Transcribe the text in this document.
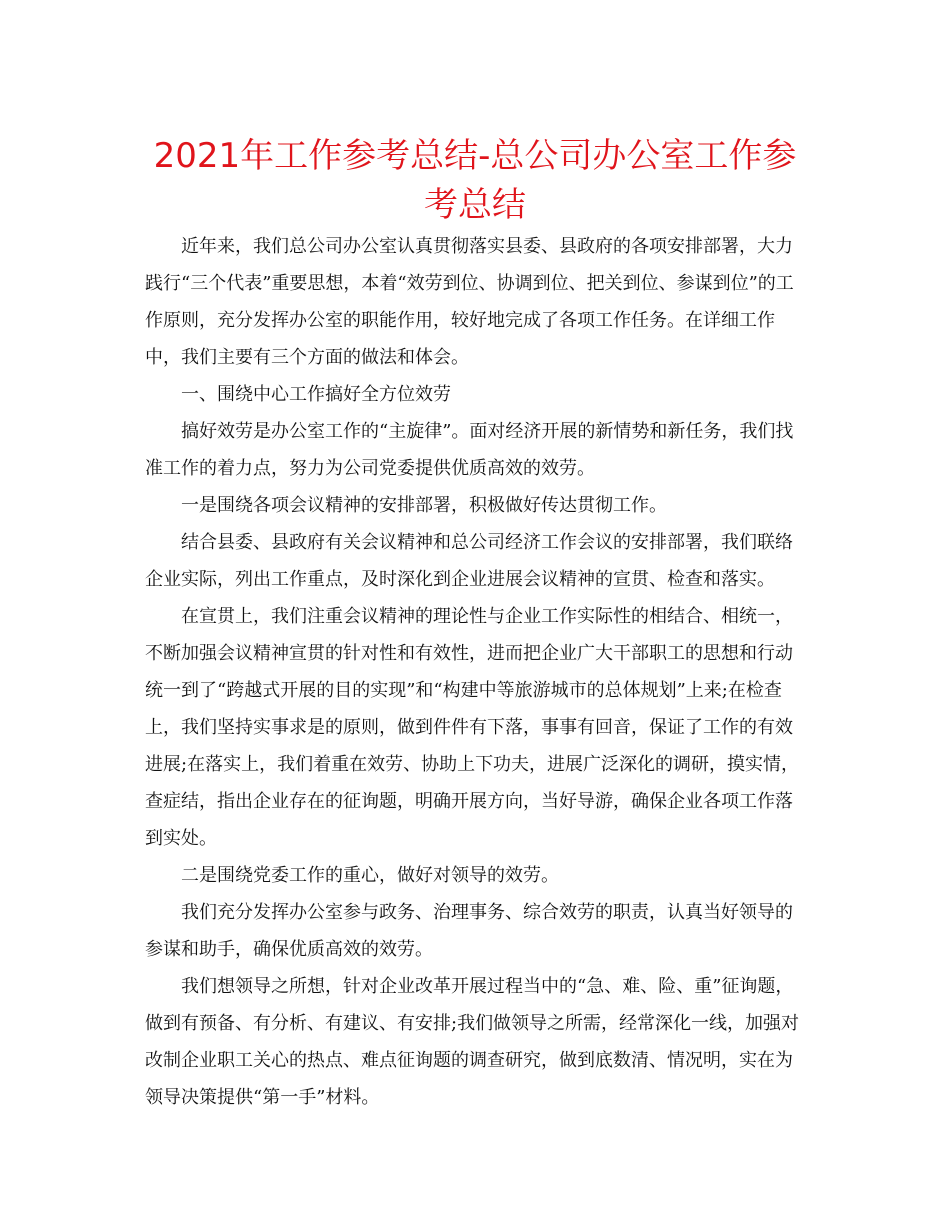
2021年工作参考总结-总公司办公室工作参考总结

近年来，我们总公司办公室认真贯彻落实县委、县政府的各项安排部署，大力践行“三个代表”重要思想，本着“效劳到位、协调到位、把关到位、参谋到位”的工作原则，充分发挥办公室的职能作用，较好地完成了各项工作任务。在详细工作中，我们主要有三个方面的做法和体会。

一、围绕中心工作搞好全方位效劳

搞好效劳是办公室工作的“主旋律”。面对经济开展的新情势和新任务，我们找准工作的着力点，努力为公司党委提供优质高效的效劳。

一是围绕各项会议精神的安排部署，积极做好传达贯彻工作。

结合县委、县政府有关会议精神和总公司经济工作会议的安排部署，我们联络企业实际，列出工作重点，及时深化到企业进展会议精神的宣贯、检查和落实。

在宣贯上，我们注重会议精神的理论性与企业工作实际性的相结合、相统一，不断加强会议精神宣贯的针对性和有效性，进而把企业广大干部职工的思想和行动统一到了“跨越式开展的目的实现”和“构建中等旅游城市的总体规划”上来;在检查上，我们坚持实事求是的原则，做到件件有下落，事事有回音，保证了工作的有效进展;在落实上，我们着重在效劳、协助上下功夫，进展广泛深化的调研，摸实情，查症结，指出企业存在的征询题，明确开展方向，当好导游，确保企业各项工作落到实处。

二是围绕党委工作的重心，做好对领导的效劳。

我们充分发挥办公室参与政务、治理事务、综合效劳的职责，认真当好领导的参谋和助手，确保优质高效的效劳。

我们想领导之所想，针对企业改革开展过程当中的“急、难、险、重”征询题，做到有预备、有分析、有建议、有安排;我们做领导之所需，经常深化一线，加强对改制企业职工关心的热点、难点征询题的调查研究，做到底数清、情况明，实在为领导决策提供“第一手”材料。
